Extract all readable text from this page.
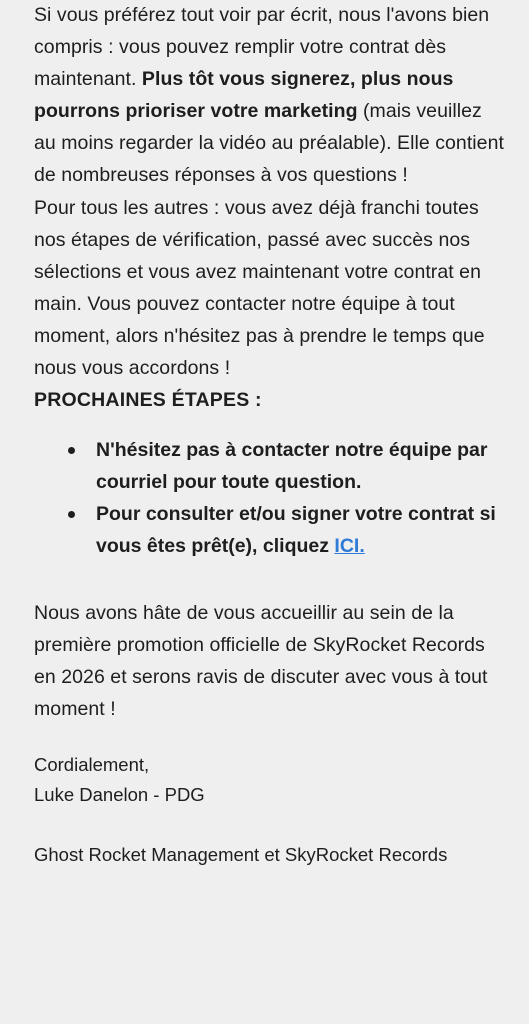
Si vous préférez tout voir par écrit, nous l'avons bien compris : vous pouvez remplir votre contrat dès maintenant. Plus tôt vous signerez, plus nous pourrons prioriser votre marketing (mais veuillez au moins regarder la vidéo au préalable). Elle contient de nombreuses réponses à vos questions !

Pour tous les autres : vous avez déjà franchi toutes nos étapes de vérification, passé avec succès nos sélections et vous avez maintenant votre contrat en main. Vous pouvez contacter notre équipe à tout moment, alors n'hésitez pas à prendre le temps que nous vous accordons !

PROCHAINES ÉTAPES :

N'hésitez pas à contacter notre équipe par courriel pour toute question.
Pour consulter et/ou signer votre contrat si vous êtes prêt(e), cliquez ICI.

Nous avons hâte de vous accueillir au sein de la première promotion officielle de SkyRocket Records en 2026 et serons ravis de discuter avec vous à tout moment !

Cordialement,
Luke Danelon - PDG
Ghost Rocket Management et SkyRocket Records
